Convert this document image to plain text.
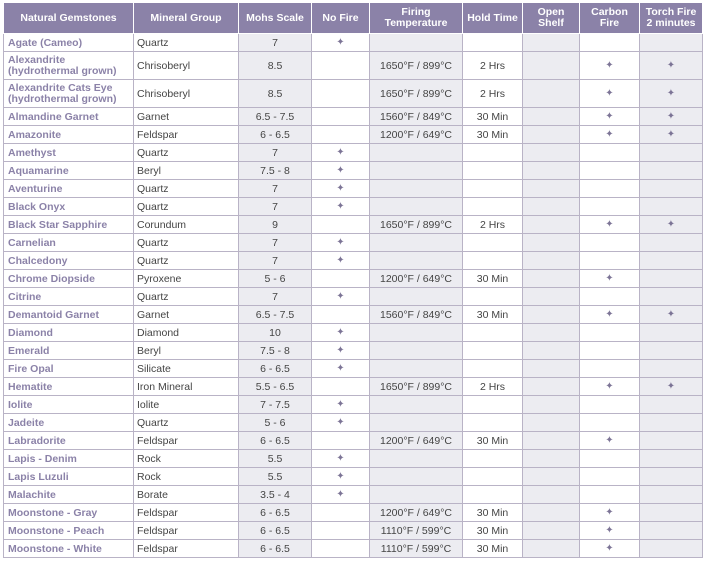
Natural Gemstones	Mineral Group	Mohs Scale	No Fire	Firing Temperature	Hold Time	Open Shelf	Carbon Fire	Torch Fire 2 minutes
Agate (Cameo)	Quartz	7	✦					
Alexandrite (hydrothermal grown)	Chrisoberyl	8.5		1650°F / 899°C	2 Hrs		✦	✦
Alexandrite Cats Eye (hydrothermal grown)	Chrisoberyl	8.5		1650°F / 899°C	2 Hrs		✦	✦
Almandine Garnet	Garnet	6.5 - 7.5		1560°F / 849°C	30 Min		✦	✦
Amazonite	Feldspar	6 - 6.5		1200°F / 649°C	30 Min		✦	✦
Amethyst	Quartz	7	✦					
Aquamarine	Beryl	7.5 - 8	✦					
Aventurine	Quartz	7	✦					
Black Onyx	Quartz	7	✦					
Black Star Sapphire	Corundum	9		1650°F / 899°C	2 Hrs		✦	✦
Carnelian	Quartz	7	✦					
Chalcedony	Quartz	7	✦					
Chrome Diopside	Pyroxene	5 - 6		1200°F / 649°C	30 Min		✦	
Citrine	Quartz	7	✦					
Demantoid Garnet	Garnet	6.5 - 7.5		1560°F / 849°C	30 Min		✦	✦
Diamond	Diamond	10	✦					
Emerald	Beryl	7.5 - 8	✦					
Fire Opal	Silicate	6 - 6.5	✦					
Hematite	Iron Mineral	5.5 - 6.5		1650°F / 899°C	2 Hrs		✦	✦
Iolite	Iolite	7 - 7.5	✦					
Jadeite	Quartz	5 - 6	✦					
Labradorite	Feldspar	6 - 6.5		1200°F / 649°C	30 Min		✦	
Lapis - Denim	Rock	5.5	✦					
Lapis Luzuli	Rock	5.5	✦					
Malachite	Borate	3.5 - 4	✦					
Moonstone - Gray	Feldspar	6 - 6.5		1200°F / 649°C	30 Min		✦	
Moonstone - Peach	Feldspar	6 - 6.5		1110°F / 599°C	30 Min		✦	
Moonstone - White	Feldspar	6 - 6.5		1110°F / 599°C	30 Min		✦	
